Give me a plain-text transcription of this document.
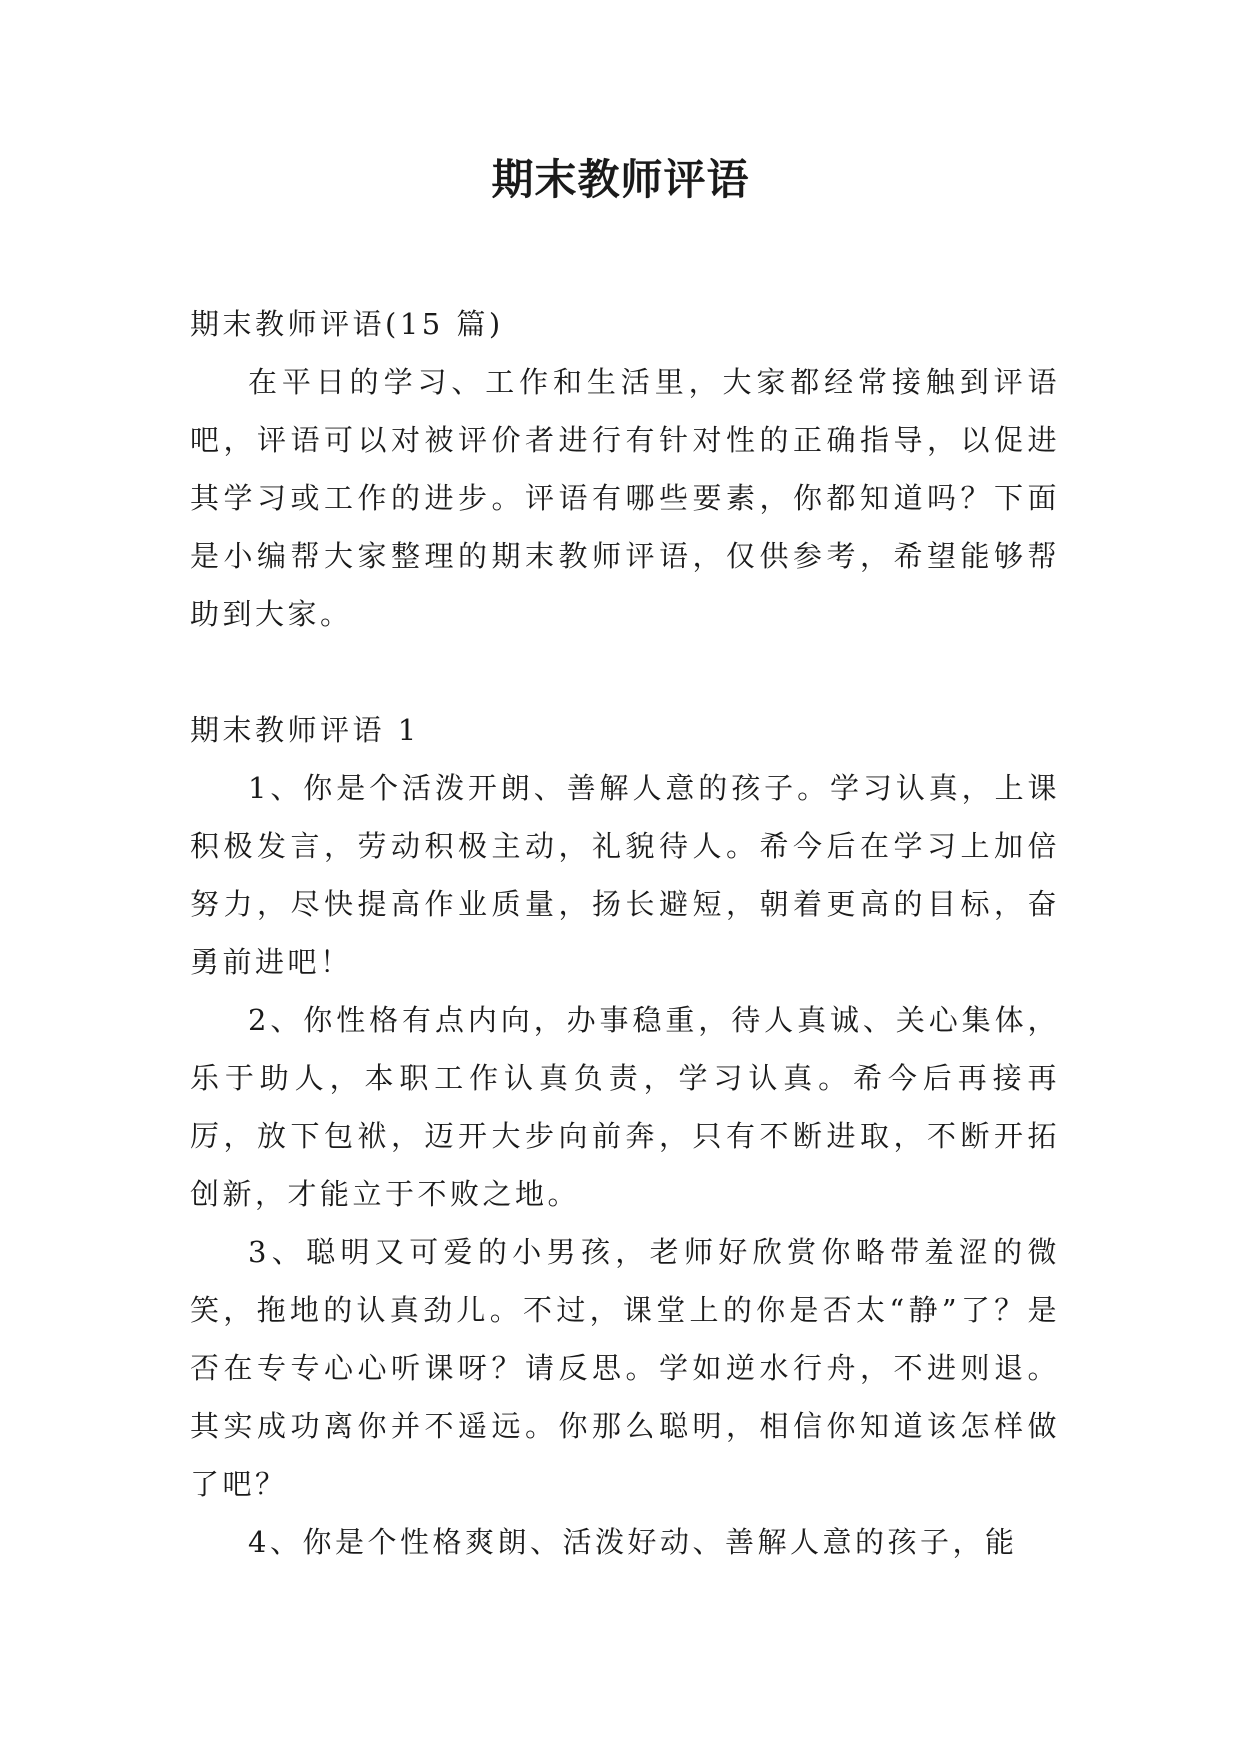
期末教师评语

期末教师评语(15 篇)

在平日的学习、工作和生活里，大家都经常接触到评语吧，评语可以对被评价者进行有针对性的正确指导，以促进其学习或工作的进步。评语有哪些要素，你都知道吗？下面是小编帮大家整理的期末教师评语，仅供参考，希望能够帮助到大家。

期末教师评语 1

1、你是个活泼开朗、善解人意的孩子。学习认真，上课积极发言，劳动积极主动，礼貌待人。希今后在学习上加倍努力，尽快提高作业质量，扬长避短，朝着更高的目标，奋勇前进吧！

2、你性格有点内向，办事稳重，待人真诚、关心集体，乐于助人，本职工作认真负责，学习认真。希今后再接再厉，放下包袱，迈开大步向前奔，只有不断进取，不断开拓创新，才能立于不败之地。

3、聪明又可爱的小男孩，老师好欣赏你略带羞涩的微笑，拖地的认真劲儿。不过，课堂上的你是否太“静”了？是否在专专心心听课呀？请反思。学如逆水行舟，不进则退。其实成功离你并不遥远。你那么聪明，相信你知道该怎样做了吧？

4、你是个性格爽朗、活泼好动、善解人意的孩子，能
